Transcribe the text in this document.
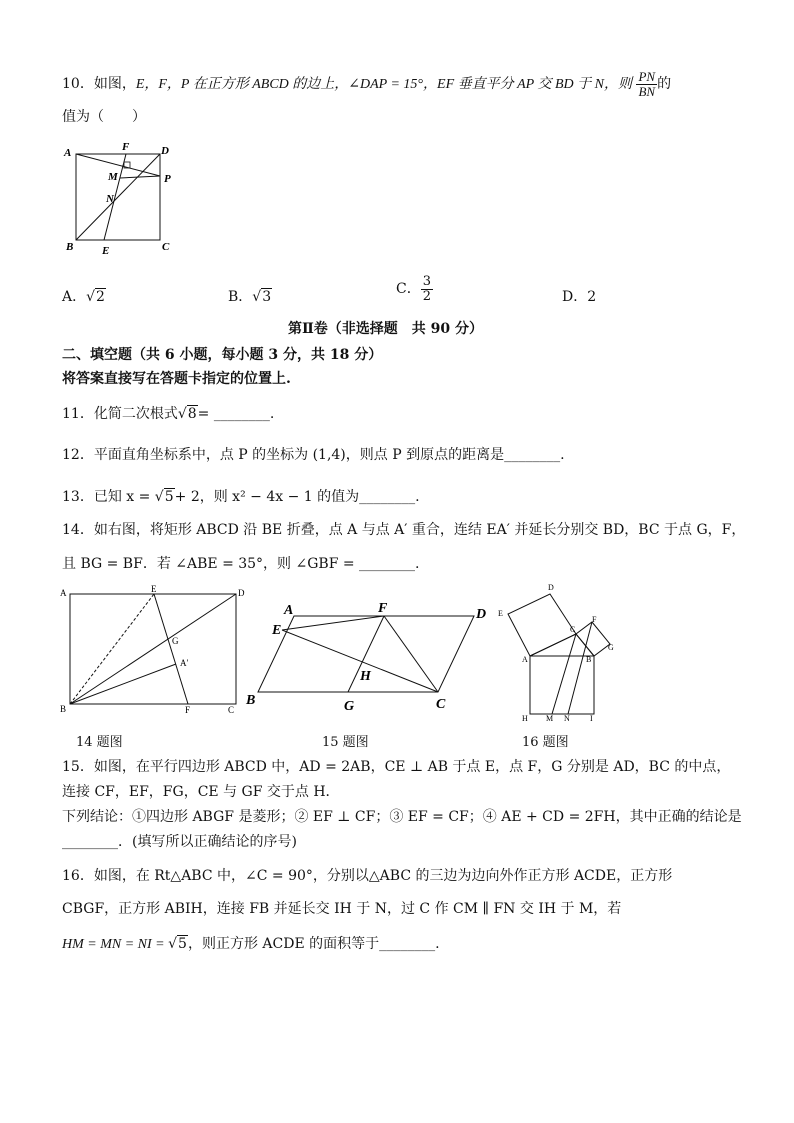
10．如图，E，F，P 在正方形 ABCD 的边上，∠DAP = 15°，EF 垂直平分 AP 交 BD 于 N，则 $\frac{PN}{BN}$ 的
值为（　　）
A	F	D
M	P
N
B	E	C
A．√2	B．√3	C． $\frac{3}{2}$	D．2
第Ⅱ卷（非选择题　共 90 分）
二、填空题（共 6 小题，每小题 3 分，共 18 分）
将答案直接写在答题卡指定的位置上.
11．化简二次根式√8= ________.
12．平面直角坐标系中，点 P 的坐标为 (1,4)，则点 P 到原点的距离是________.
13．已知 x = √5+ 2，则 x² − 4x − 1 的值为________.
14．如右图，将矩形 ABCD 沿 BE 折叠，点 A 与点 A′ 重合，连结 EA′ 并延长分别交 BD，BC 于点 G，F，
且 BG = BF．若 ∠ABE = 35°，则 ∠GBF = ________.
A	E	D
G
A′
B	F	C
A	F	D
E
H
B	G	C
D
E
C
F
G
A	B
H M N	I
14 题图	15 题图	16 题图
15．如图，在平行四边形 ABCD 中，AD = 2AB，CE ⊥ AB 于点 E，点 F，G 分别是 AD，BC 的中点，
连接 CF，EF，FG，CE 与 GF 交于点 H．
下列结论：①四边形 ABGF 是菱形；② EF ⊥ CF；③ EF = CF；④ AE + CD = 2FH，其中正确的结论是
________．(填写所以正确结论的序号)
16．如图，在 Rt△ABC 中，∠C = 90°，分别以△ABC 的三边为边向外作正方形 ACDE，正方形
CBGF，正方形 ABIH，连接 FB 并延长交 IH 于 N，过 C 作 CM ∥ FN 交 IH 于 M，若
HM = MN = NI = √5，则正方形 ACDE 的面积等于________.
